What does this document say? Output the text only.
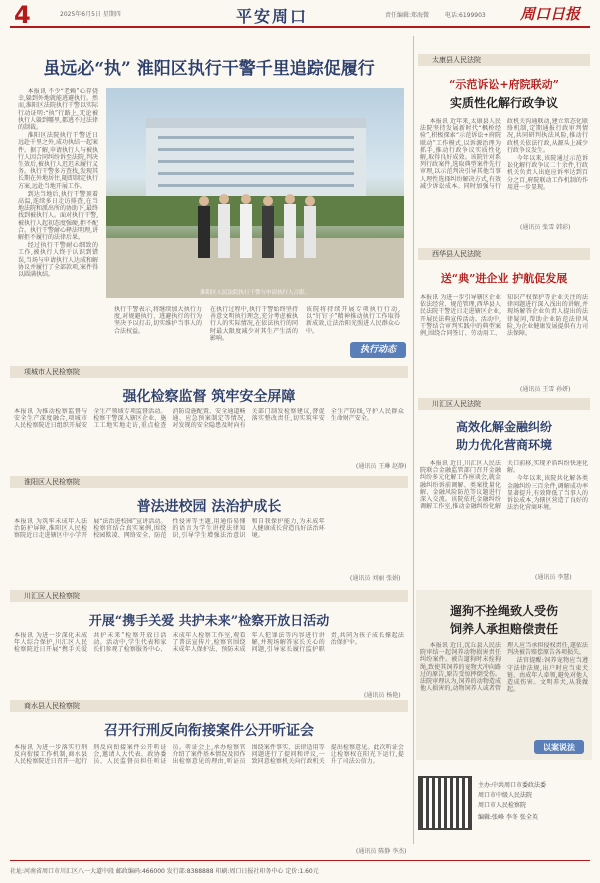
4	2025年6月5日 星期四	平安周口	责任编辑:郑海微	电话:6199903 周口日报
虽远必“执” 淮阳区执行干警千里追踪促履行

本报讯 不少“老赖”心存侥幸,躲到外地就能逃避执行。然而,淮阳区法院执行干警以实际行动证明:“执”行路上,无论被执行人躲到哪里,都逃不过法律的制裁。

淮阳区法院执行干警近日远赴千里之外,成功执结一起案件。据了解,申请执行人与被执行人因合同纠纷诉至法院,判决生效后,被执行人迟迟未履行义务。执行干警多方查找,发现其长期在外地居住,随即制定执行方案,远赴当地开展工作。

到达当地后,执行干警顶着高温,连续多日走访排查,在当地法院和派出所的协助下,最终找到被执行人。面对执行干警,被执行人起初态度强硬,拒不配合。执行干警耐心释法明理,讲解拒不履行的法律后果。

经过执行干警耐心细致的工作,被执行人终于认识到错误,当场与申请执行人达成和解协议并履行了全部款项,案件得以圆满执结。

淮阳区人民法院执行干警与申请执行人合影。
执行干警表示,将继续加大执行力度,对规避执行、逃避执行的行为坚决予以打击,切实维护当事人的合法权益。
在执行过程中,执行干警始终坚持善意文明执行理念,充分考虑被执行人的实际情况,在依法执行的同时最大限度减少对其生产生活的影响。
该院将持续开展专项执行行动,以“钉钉子”精神推动执行工作取得新成效,让法治阳光照进人民群众心中。
执行动态
太康县人民法院
“示范诉讼+府院联动”
实质性化解行政争议

本报讯 近年来,太康县人民法院坚持发展新时代“枫桥经验”,积极探索“示范诉讼+府院联动”工作模式,以诉源治理为抓手,推动行政争议实质性化解,取得良好成效。该院针对系列行政案件,选取典型案件先行审理,以示范判决引导其他当事人理性选择纠纷解决方式,有效减少诉讼成本。同时加强与行政机关沟通联动,建立常态化联络机制,定期通报行政审判情况,共同研判执法风险,推动行政机关依法行政,从源头上减少行政争议发生。

今年以来,该院通过示范诉讼化解行政争议二十余件,行政机关负责人出庭应诉率达到百分之百,府院联动工作机制的作用进一步显现。

(通讯员 张雪 韩彩)
西华县人民法院
送“典”进企业 护航促发展
本报讯 为进一步引导辖区企业依法经营、规范管理,西华县人民法院干警近日走进辖区企业,开展民法典宣传活动。活动中,干警结合审判实践中的典型案例,围绕合同签订、劳动用工、知识产权保护等企业关注的法律问题进行深入浅出的讲解,并现场解答企业负责人提出的法律疑问,帮助企业防范法律风险,为企业健康发展提供有力司法保障。
(通讯员 王雪 孙妍)
川汇区人民法院
高效化解金融纠纷
助力优化营商环境

本报讯 近日,川汇区人民法院联合金融监管部门召开金融纠纷多元化解工作座谈会,就金融纠纷诉前调解、类案批量化解、金融风险防范等议题进行深入交流。该院依托金融纠纷调解工作室,推动金融纠纷化解关口前移,实现矛盾纠纷快速化解。

今年以来,该院共化解各类金融纠纷三百余件,调解成功率显著提升,有效降低了当事人的诉讼成本,为辖区营造了良好的法治化营商环境。

(通讯员 李慧)
遛狗不拴绳致人受伤
饲养人承担赔偿责任

本报讯 近日,沈丘县人民法院审结一起饲养动物损害责任纠纷案件。被告遛狗时未拴狗绳,致使其饲养的宠物犬冲向路过的原告,原告受惊摔倒受伤。法院审理认为,饲养的动物造成他人损害的,动物饲养人或者管理人应当承担侵权责任,遂依法判决被告赔偿原告各项损失。

法官提醒:饲养宠物应当遵守法律法规,出户时应当束犬链、由成年人牵领,避免对他人造成伤害。文明养犬,从我做起。

以案说法
项城市人民检察院
强化检察监督 筑牢安全屏障
本报讯 为推动检察监督与安全生产深度融合,项城市人民检察院近日组织开展安全生产领域专项监督活动。检察干警深入辖区企业、施工工地实地走访,重点检查消防设施配置、安全通道畅通、应急预案制定等情况,对发现的安全隐患及时向有关部门制发检察建议,督促落实整改责任,切实筑牢安全生产防线,守护人民群众生命财产安全。
(通讯员 王琳 赵静)
淮阳区人民检察院
普法进校园 法治护成长
本报讯 为筑牢未成年人法治防护屏障,淮阳区人民检察院近日走进辖区中小学开展“法治进校园”宣讲活动。检察官结合真实案例,围绕校园欺凌、网络安全、防范性侵害等主题,用通俗易懂的语言为学生讲授法律知识,引导学生增强法治意识和自我保护能力,为未成年人健康成长营造良好法治环境。
(通讯员 刘丽 张娟)
川汇区人民检察院
开展“携手关爱 共护未来”检察开放日活动
本报讯 为进一步深化未成年人综合保护,川汇区人民检察院近日开展“携手关爱 共护未来”检察开放日活动。活动中,学生代表和家长们参观了检察服务中心、未成年人检察工作室,观看了普法宣传片,检察官围绕未成年人保护法、预防未成年人犯罪法等内容进行讲解,并现场解答家长关心的问题,引导家长履行监护职责,共同为孩子成长撑起法治保护伞。
(通讯员 杨艳)
商水县人民检察院
召开行刑反向衔接案件公开听证会
本报讯 为进一步落实行刑反向衔接工作机制,商水县人民检察院近日召开一起行刑反向衔接案件公开听证会,邀请人大代表、政协委员、人民监督员担任听证员。听证会上,承办检察官介绍了案件基本情况及拟作出检察意见的理由,听证员围绕案件事实、法律适用等问题进行了提问和评议,一致同意检察机关向行政机关提出检察意见。此次听证会让检察权在阳光下运行,提升了司法公信力。
(通讯员 陈静 李杰)
主办:中共周口市委政法委
周口市中级人民法院
周口市人民检察院
编辑:张峰 李冬 张全英
社址:河南省周口市川汇区八一大道中段 邮政编码:466000 发行部:8388888 印刷:周口日报社印务中心 定价:1.60元
